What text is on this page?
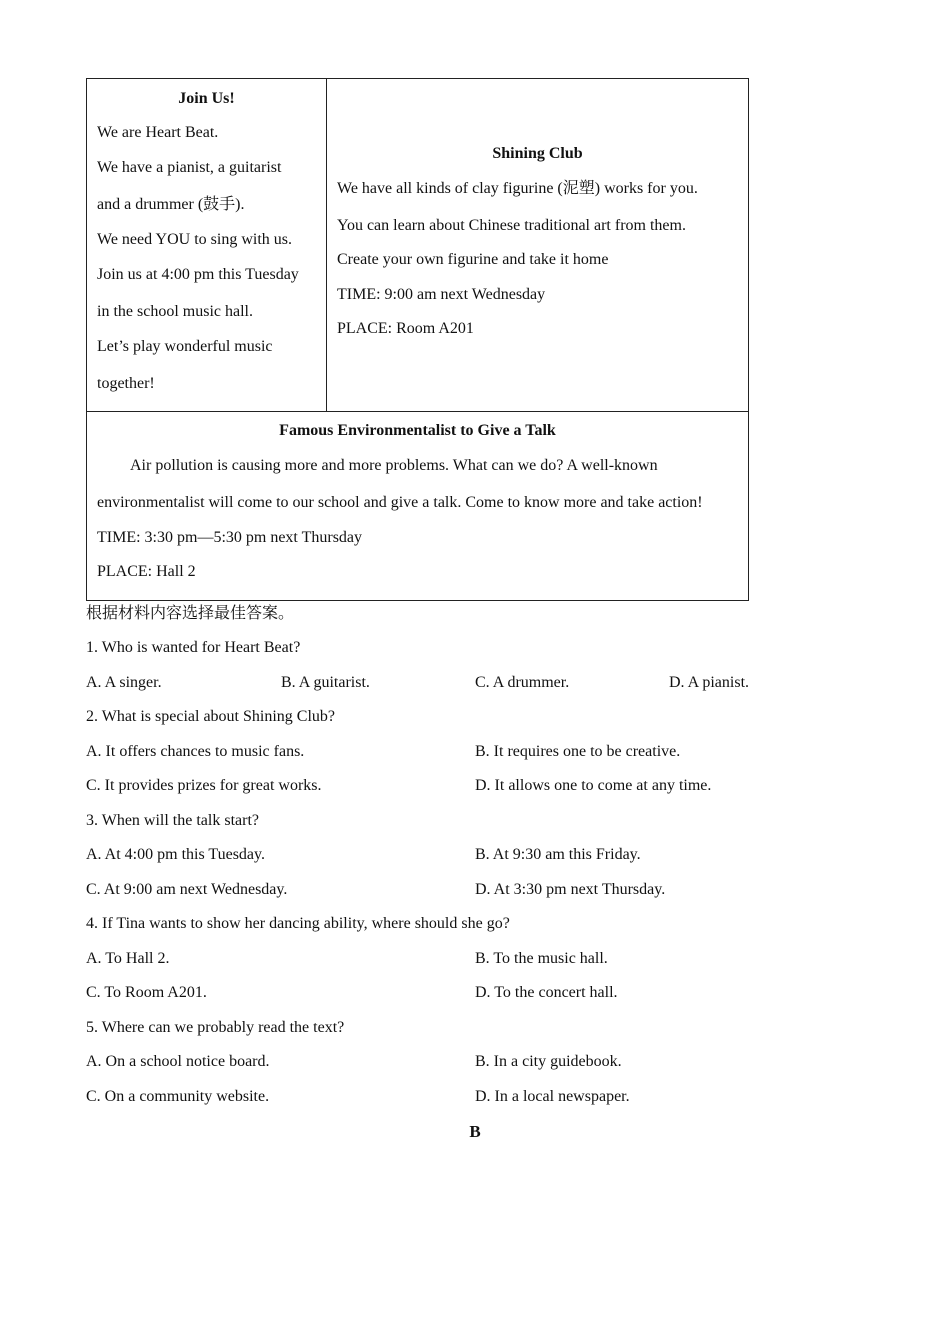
Join Us!
We are Heart Beat.
We have a pianist, a guitarist
and a drummer (鼓手).
We need YOU to sing with us.
Join us at 4:00 pm this Tuesday
in the school music hall.
Let’s play wonderful music
together!
Shining Club
We have all kinds of clay figurine (泥塑) works for you.
You can learn about Chinese traditional art from them.
Create your own figurine and take it home
TIME: 9:00 am next Wednesday
PLACE: Room A201
Famous Environmentalist to Give a Talk
Air pollution is causing more and more problems. What can we do? A well-known
environmentalist will come to our school and give a talk. Come to know more and take action!
TIME: 3:30 pm—5:30 pm next Thursday
PLACE: Hall 2
根据材料内容选择最佳答案。
1. Who is wanted for Heart Beat?
A. A singer.	B. A guitarist.	C. A drummer.	D. A pianist.
2. What is special about Shining Club?
A. It offers chances to music fans.	B. It requires one to be creative.
C. It provides prizes for great works.	D. It allows one to come at any time.
3. When will the talk start?
A. At 4:00 pm this Tuesday.	B. At 9:30 am this Friday.
C. At 9:00 am next Wednesday.	D. At 3:30 pm next Thursday.
4. If Tina wants to show her dancing ability, where should she go?
A. To Hall 2.	B. To the music hall.
C. To Room A201.	D. To the concert hall.
5. Where can we probably read the text?
A. On a school notice board.	B. In a city guidebook.
C. On a community website.	D. In a local newspaper.
B
